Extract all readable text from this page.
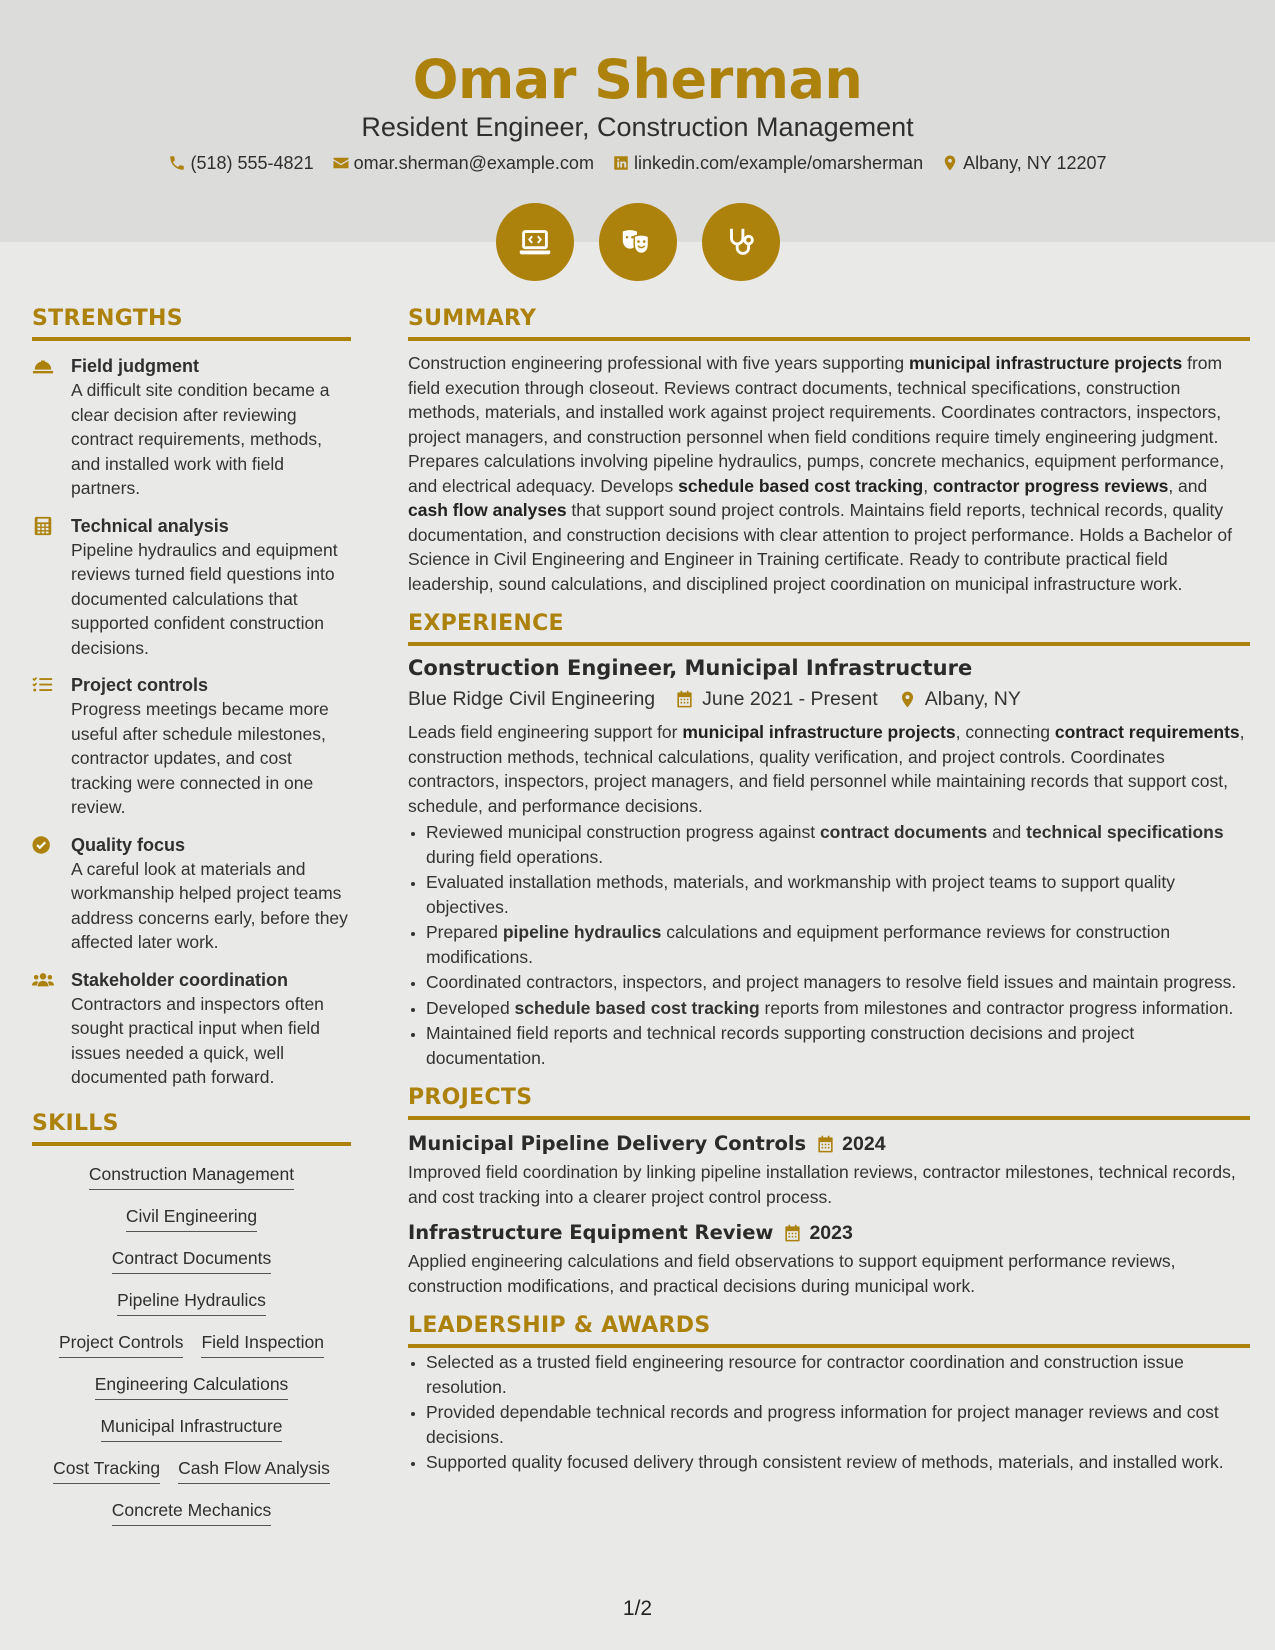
Omar Sherman
Resident Engineer, Construction Management
(518) 555-4821 omar.sherman@example.com linkedin.com/example/omarsherman Albany, NY 12207
STRENGTHS
Field judgment
A difficult site condition became a clear decision after reviewing contract requirements, methods, and installed work with field partners.
Technical analysis
Pipeline hydraulics and equipment reviews turned field questions into documented calculations that supported confident construction decisions.
Project controls
Progress meetings became more useful after schedule milestones, contractor updates, and cost tracking were connected in one review.
Quality focus
A careful look at materials and workmanship helped project teams address concerns early, before they affected later work.
Stakeholder coordination
Contractors and inspectors often sought practical input when field issues needed a quick, well documented path forward.
SKILLS
Construction Management
Civil Engineering
Contract Documents
Pipeline Hydraulics
Project Controls Field Inspection
Engineering Calculations
Municipal Infrastructure
Cost Tracking Cash Flow Analysis
Concrete Mechanics
SUMMARY
Construction engineering professional with five years supporting municipal infrastructure projects from field execution through closeout. Reviews contract documents, technical specifications, construction methods, materials, and installed work against project requirements. Coordinates contractors, inspectors, project managers, and construction personnel when field conditions require timely engineering judgment. Prepares calculations involving pipeline hydraulics, pumps, concrete mechanics, equipment performance, and electrical adequacy. Develops schedule based cost tracking, contractor progress reviews, and cash flow analyses that support sound project controls. Maintains field reports, technical records, quality documentation, and construction decisions with clear attention to project performance. Holds a Bachelor of Science in Civil Engineering and Engineer in Training certificate. Ready to contribute practical field leadership, sound calculations, and disciplined project coordination on municipal infrastructure work.
EXPERIENCE
Construction Engineer, Municipal Infrastructure
Blue Ridge Civil Engineering June 2021 - Present Albany, NY
Leads field engineering support for municipal infrastructure projects, connecting contract requirements, construction methods, technical calculations, quality verification, and project controls. Coordinates contractors, inspectors, project managers, and field personnel while maintaining records that support cost, schedule, and performance decisions.
• Reviewed municipal construction progress against contract documents and technical specifications during field operations.
• Evaluated installation methods, materials, and workmanship with project teams to support quality objectives.
• Prepared pipeline hydraulics calculations and equipment performance reviews for construction modifications.
• Coordinated contractors, inspectors, and project managers to resolve field issues and maintain progress.
• Developed schedule based cost tracking reports from milestones and contractor progress information.
• Maintained field reports and technical records supporting construction decisions and project documentation.
PROJECTS
Municipal Pipeline Delivery Controls 2024
Improved field coordination by linking pipeline installation reviews, contractor milestones, technical records, and cost tracking into a clearer project control process.
Infrastructure Equipment Review 2023
Applied engineering calculations and field observations to support equipment performance reviews, construction modifications, and practical decisions during municipal work.
LEADERSHIP & AWARDS
• Selected as a trusted field engineering resource for contractor coordination and construction issue resolution.
• Provided dependable technical records and progress information for project manager reviews and cost decisions.
• Supported quality focused delivery through consistent review of methods, materials, and installed work.
1/2
